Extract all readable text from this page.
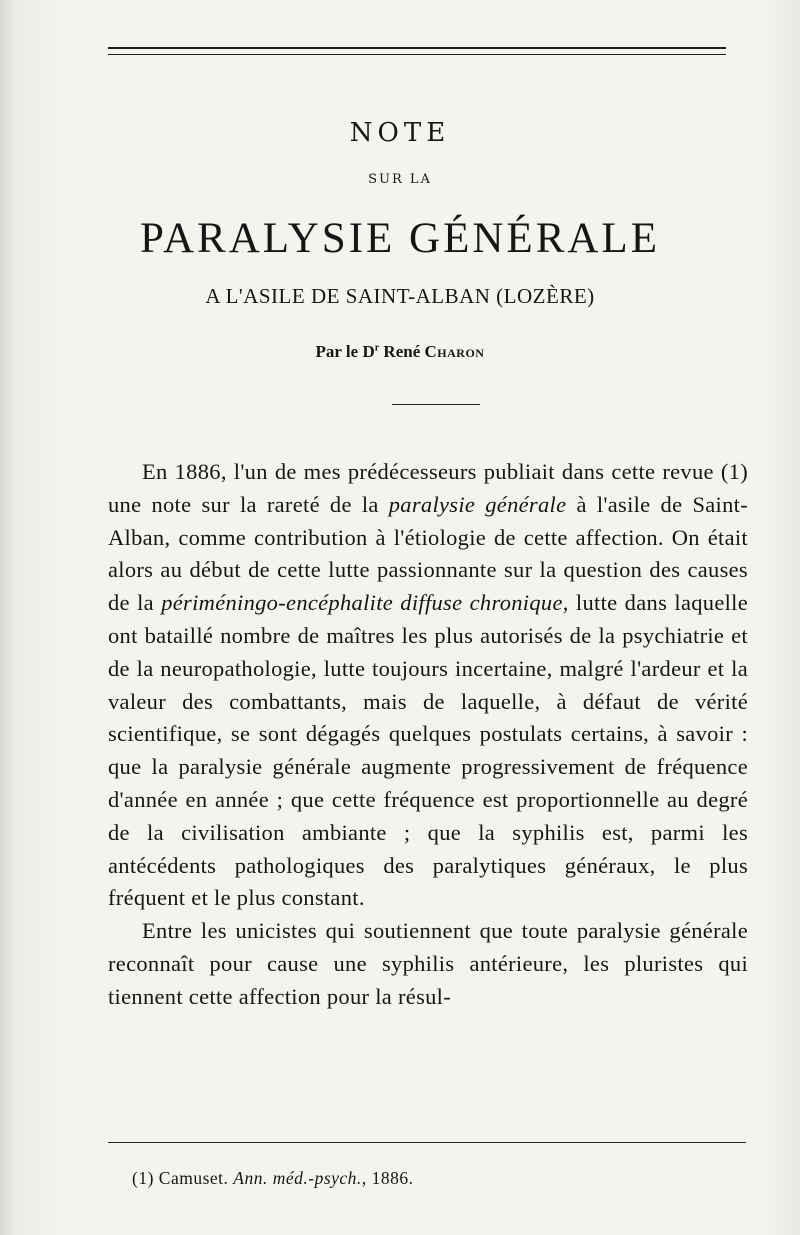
NOTE
SUR LA
PARALYSIE GÉNÉRALE
A L'ASILE DE SAINT-ALBAN (LOZÈRE)
Par le $D^r$ René Charon

En 1886, l'un de mes prédécesseurs publiait dans cette revue (1) une note sur la rareté de la paralysie générale à l'asile de Saint-Alban, comme contribution à l'étiologie de cette affection. On était alors au début de cette lutte passionnante sur la question des causes de la périméningo-encéphalite diffuse chronique, lutte dans laquelle ont bataillé nombre de maîtres les plus autorisés de la psychiatrie et de la neuropathologie, lutte toujours incertaine, malgré l'ardeur et la valeur des combattants, mais de laquelle, à défaut de vérité scientifique, se sont dégagés quelques postulats certains, à savoir : que la paralysie générale augmente progressivement de fréquence d'année en année ; que cette fréquence est proportionnelle au degré de la civilisation ambiante ; que la syphilis est, parmi les antécédents pathologiques des paralytiques généraux, le plus fréquent et le plus constant.

Entre les unicistes qui soutiennent que toute paralysie générale reconnaît pour cause une syphilis antérieure, les pluristes qui tiennent cette affection pour la résul-

(1) Camuset. Ann. méd.-psych., 1886.
